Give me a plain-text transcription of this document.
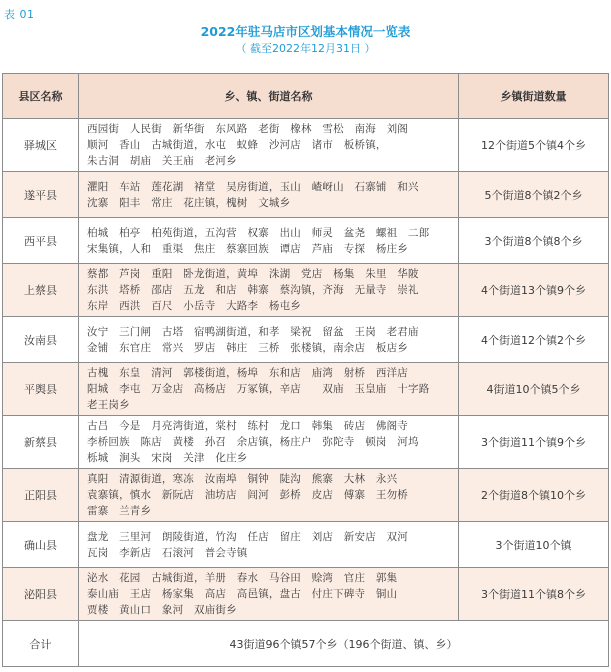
表 01
2022年驻马店市区划基本情况一览表
（ 截至2022年12月31日 ）
县区名称	乡、镇、街道名称	乡镇街道数量
驿城区	西园街　人民街　新华街　东风路　老街　橡林　雪松　南海　刘阁
顺河　香山　古城街道，水屯　蚁蜂　沙河店　诸市　板桥镇，
朱古洞　胡庙　关王庙　老河乡	12个街道5个镇4个乡
遂平县	灈阳　车站　莲花湖　褚堂　吴房街道，玉山　嵖岈山　石寨铺　和兴
沈寨　阳丰　常庄　花庄镇，槐树　文城乡	5个街道8个镇2个乡
西平县	柏城　柏亭　柏苑街道，五沟营　权寨　出山　师灵　盆尧　螺祖　二郎
宋集镇，人和　重渠　焦庄　蔡寨回族　谭店　芦庙　专探　杨庄乡	3个街道8个镇8个乡
上蔡县	蔡都　芦岗　重阳　卧龙街道，黄埠　洙湖　党店　杨集　朱里　华陂
东洪　塔桥　邵店　五龙　和店　韩寨　蔡沟镇，齐海　无量寺　崇礼
东岸　西洪　百尺　小岳寺　大路李　杨屯乡	4个街道13个镇9个乡
汝南县	汝宁　三门闸　古塔　宿鸭湖街道，和孝　梁祝　留盆　王岗　老君庙
金铺　东官庄　常兴　罗店　韩庄　三桥　张楼镇，南余店　板店乡	4个街道12个镇2个乡
平舆县	古槐　东皇　清河　郭楼街道，杨埠　东和店　庙湾　射桥　西洋店
阳城　李屯　万金店　高杨店　万冢镇，辛店　　双庙　玉皇庙　十字路
老王岗乡	4街道10个镇5个乡
新蔡县	古吕　今是　月亮湾街道，棠村　练村　龙口　韩集　砖店　佛阁寺
李桥回族　陈店　黄楼　孙召　余店镇，杨庄户　弥陀寺　顿岗　河坞
栎城　涧头　宋岗　关津　化庄乡	3个街道11个镇9个乡
正阳县	真阳　清源街道，寒冻　汝南埠　铜钟　陡沟　熊寨　大林　永兴
袁寨镇，慎水　新阮店　油坊店　闾河　彭桥　皮店　傅寨　王勿桥
雷寨　兰青乡	2个街道8个镇10个乡
确山县	盘龙　三里河　朗陵街道，竹沟　任店　留庄　刘店　新安店　双河
瓦岗　李新店　石滚河　普会寺镇	3个街道10个镇
泌阳县	泌水　花园　古城街道，羊册　春水　马谷田　赊湾　官庄　郭集
泰山庙　王店　杨家集　高店　高邑镇，盘古　付庄下碑寺　铜山
贾楼　黄山口　象河　双庙街乡	3个街道11个镇8个乡
合计	43街道96个镇57个乡（196个街道、镇、乡）	
